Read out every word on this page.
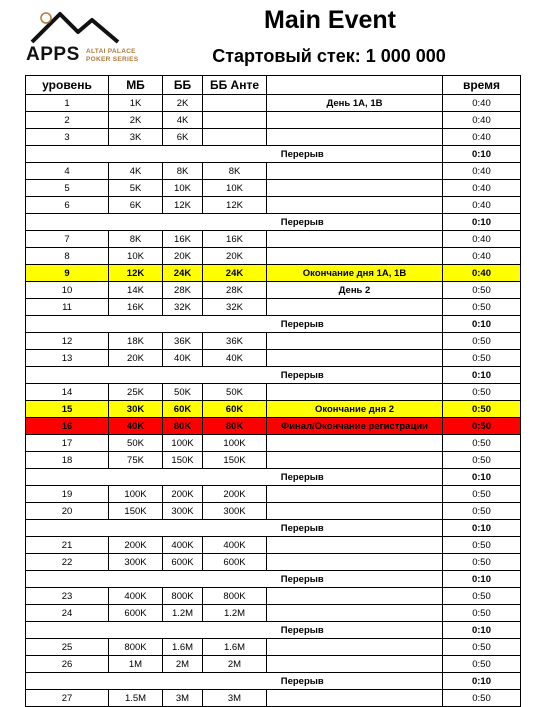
APPS ALTAI PALACE
POKER SERIES
Main Event
Стартовый стек: 1 000 000
уровень	МБ	ББ	ББ Анте		время
1	1K	2K		День 1А, 1В	0:40
2	2K	4K			0:40
3	3K	6K			0:40
		Перерыв			0:10
4	4K	8K	8K		0:40
5	5K	10K	10K		0:40
6	6K	12K	12K		0:40
		Перерыв			0:10
7	8K	16K	16K		0:40
8	10K	20K	20K		0:40
9	12K	24K	24K	Окончание дня 1А, 1В	0:40
10	14K	28K	28K	День 2	0:50
11	16K	32K	32K		0:50
		Перерыв			0:10
12	18K	36K	36K		0:50
13	20K	40K	40K		0:50
		Перерыв			0:10
14	25K	50K	50K		0:50
15	30K	60K	60K	Окончание дня 2	0:50
16	40K	80K	80K	Финал/Окончание регистрации	0:50
17	50K	100K	100K		0:50
18	75K	150K	150K		0:50
		Перерыв			0:10
19	100K	200K	200K		0:50
20	150K	300K	300K		0:50
		Перерыв			0:10
21	200K	400K	400K		0:50
22	300K	600K	600K		0:50
		Перерыв			0:10
23	400K	800K	800K		0:50
24	600K	1.2M	1.2M		0:50
		Перерыв			0:10
25	800K	1.6M	1.6M		0:50
26	1M	2M	2M		0:50
		Перерыв			0:10
27	1.5M	3M	3M		0:50
